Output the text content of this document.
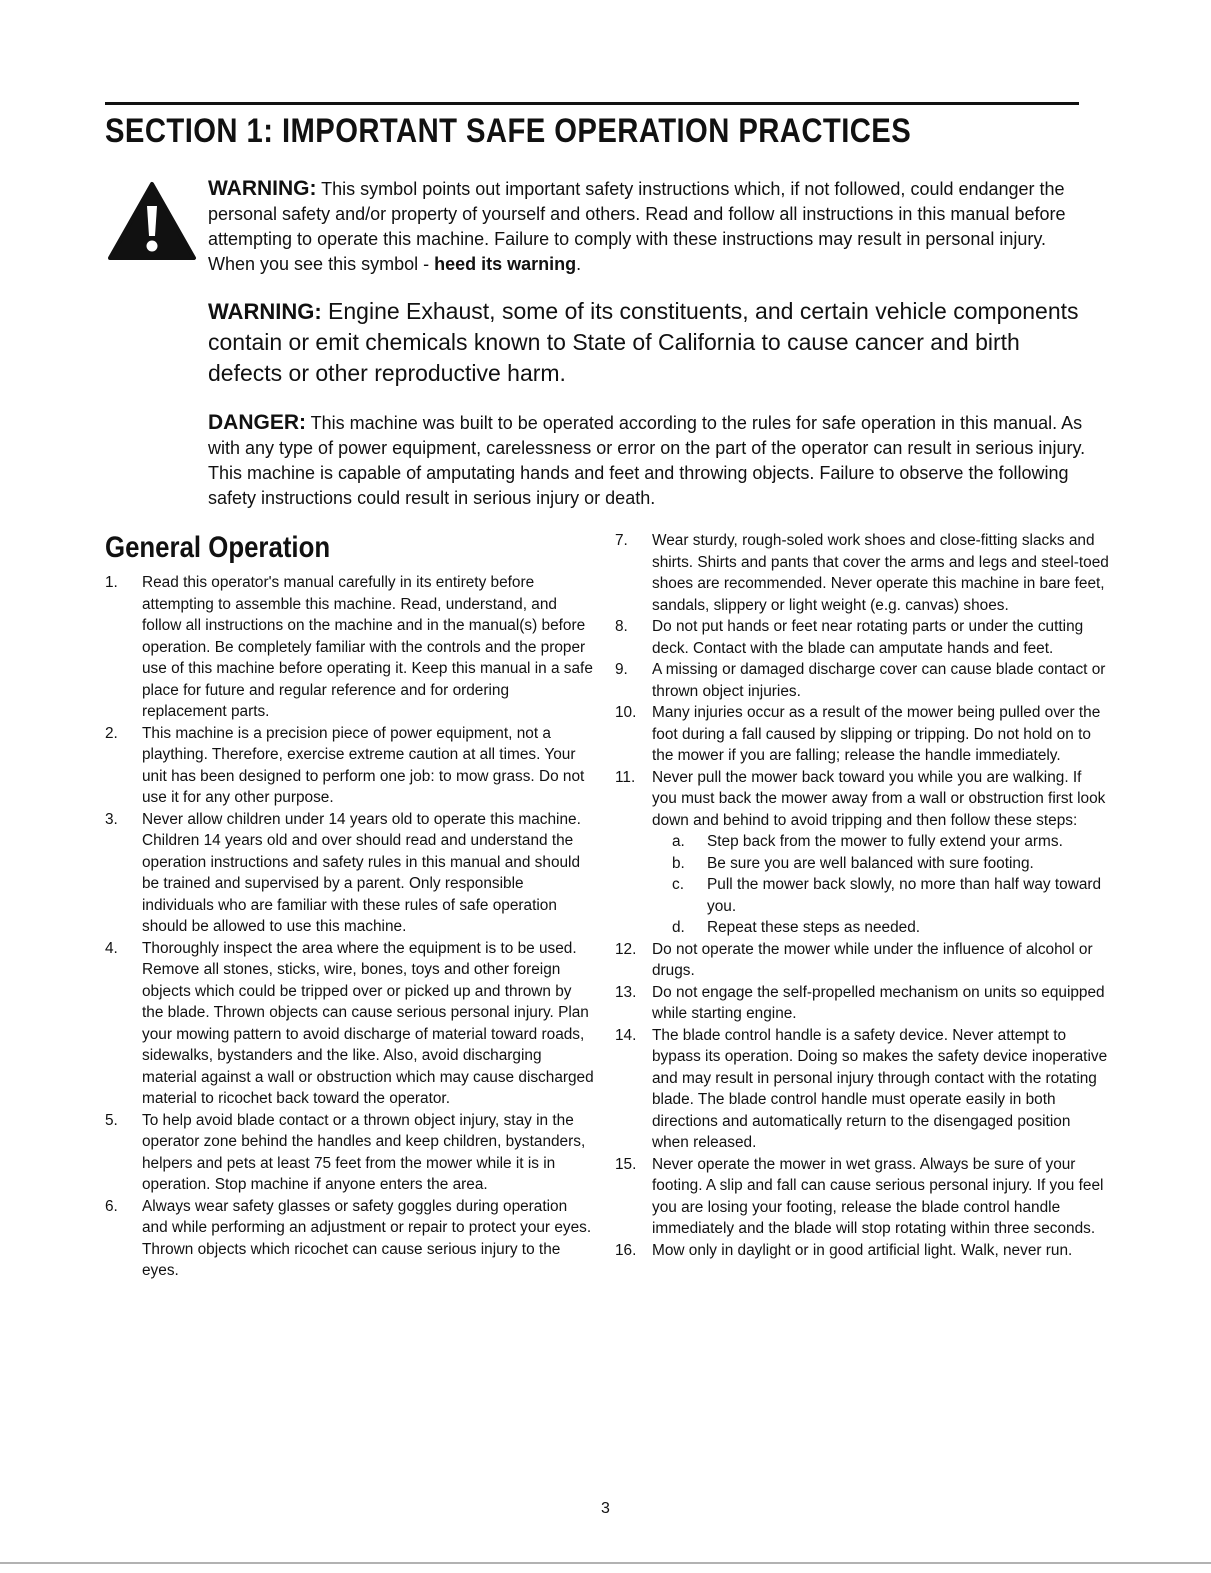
SECTION 1: IMPORTANT SAFE OPERATION PRACTICES

WARNING: This symbol points out important safety instructions which, if not followed, could endanger the personal safety and/or property of yourself and others. Read and follow all instructions in this manual before attempting to operate this machine. Failure to comply with these instructions may result in personal injury. When you see this symbol - heed its warning.

WARNING: Engine Exhaust, some of its constituents, and certain vehicle components contain or emit chemicals known to State of California to cause cancer and birth defects or other reproductive harm.

DANGER: This machine was built to be operated according to the rules for safe operation in this manual. As with any type of power equipment, carelessness or error on the part of the operator can result in serious injury. This machine is capable of amputating hands and feet and throwing objects. Failure to observe the following safety instructions could result in serious injury or death.

General Operation
1.	Read this operator's manual carefully in its entirety before attempting to assemble this machine. Read, understand, and follow all instructions on the machine and in the manual(s) before operation. Be completely familiar with the controls and the proper use of this machine before operating it. Keep this manual in a safe place for future and regular reference and for ordering replacement parts.
2.	This machine is a precision piece of power equipment, not a plaything. Therefore, exercise extreme caution at all times. Your unit has been designed to perform one job: to mow grass. Do not use it for any other purpose.
3.	Never allow children under 14 years old to operate this machine. Children 14 years old and over should read and understand the operation instructions and safety rules in this manual and should be trained and supervised by a parent. Only responsible individuals who are familiar with these rules of safe operation should be allowed to use this machine.
4.	Thoroughly inspect the area where the equipment is to be used. Remove all stones, sticks, wire, bones, toys and other foreign objects which could be tripped over or picked up and thrown by the blade. Thrown objects can cause serious personal injury. Plan your mowing pattern to avoid discharge of material toward roads, sidewalks, bystanders and the like. Also, avoid discharging material against a wall or obstruction which may cause discharged material to ricochet back toward the operator.
5.	To help avoid blade contact or a thrown object injury, stay in the operator zone behind the handles and keep children, bystanders, helpers and pets at least 75 feet from the mower while it is in operation. Stop machine if anyone enters the area.
6.	Always wear safety glasses or safety goggles during operation and while performing an adjustment or repair to protect your eyes. Thrown objects which ricochet can cause serious injury to the eyes.
7.	Wear sturdy, rough-soled work shoes and close-fitting slacks and shirts. Shirts and pants that cover the arms and legs and steel-toed shoes are recommended. Never operate this machine in bare feet, sandals, slippery or light weight (e.g. canvas) shoes.
8.	Do not put hands or feet near rotating parts or under the cutting deck. Contact with the blade can amputate hands and feet.
9.	A missing or damaged discharge cover can cause blade contact or thrown object injuries.
10. Many injuries occur as a result of the mower being pulled over the foot during a fall caused by slipping or tripping. Do not hold on to the mower if you are falling; release the handle immediately.
11.	Never pull the mower back toward you while you are walking. If you must back the mower away from a wall or obstruction first look down and behind to avoid tripping and then follow these steps:
a.	Step back from the mower to fully extend your arms.
b.	Be sure you are well balanced with sure footing.
c.	Pull the mower back slowly, no more than half way toward you.
d.	Repeat these steps as needed.
12. Do not operate the mower while under the influence of alcohol or drugs.
13. Do not engage the self-propelled mechanism on units so equipped while starting engine.
14. The blade control handle is a safety device. Never attempt to bypass its operation. Doing so makes the safety device inoperative and may result in personal injury through contact with the rotating blade. The blade control handle must operate easily in both directions and automatically return to the disengaged position when released.
15. Never operate the mower in wet grass. Always be sure of your footing. A slip and fall can cause serious personal injury. If you feel you are losing your footing, release the blade control handle immediately and the blade will stop rotating within three seconds.
16. Mow only in daylight or in good artificial light. Walk, never run.
3
